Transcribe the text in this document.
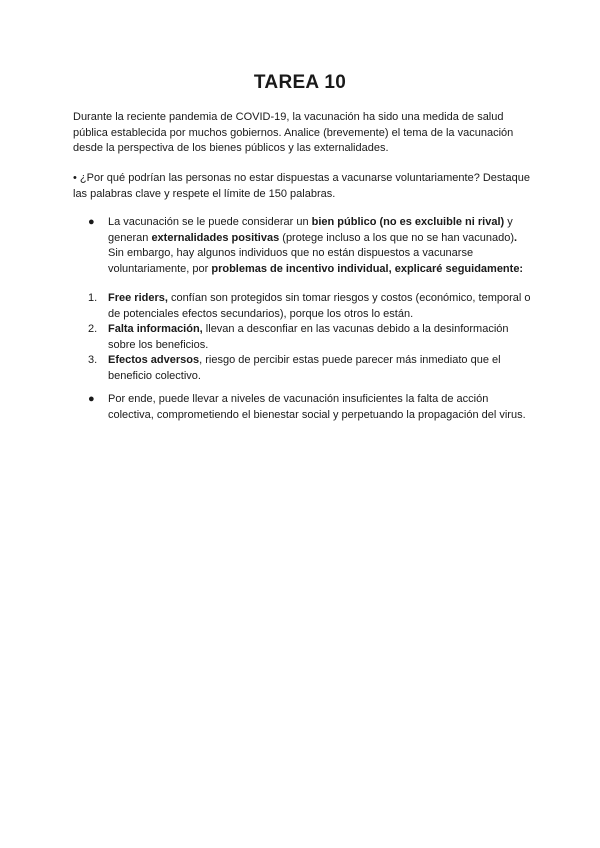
TAREA 10
Durante la reciente pandemia de COVID-19, la vacunación ha sido una medida de salud pública establecida por muchos gobiernos. Analice (brevemente) el tema de la vacunación desde la perspectiva de los bienes públicos y las externalidades.
• ¿Por qué podrían las personas no estar dispuestas a vacunarse voluntariamente? Destaque las palabras clave y respete el límite de 150 palabras.
●	La vacunación se le puede considerar un bien público (no es excluible ni rival) y generan externalidades positivas (protege incluso a los que no se han vacunado). Sin embargo, hay algunos individuos que no están dispuestos a vacunarse voluntariamente, por problemas de incentivo individual, explicaré seguidamente:
1. Free riders, confían son protegidos sin tomar riesgos y costos (económico, temporal o de potenciales efectos secundarios), porque los otros lo están.
2. Falta información, llevan a desconfiar en las vacunas debido a la desinformación sobre los beneficios.
3. Efectos adversos, riesgo de percibir estas puede parecer más inmediato que el beneficio colectivo.
●	Por ende, puede llevar a niveles de vacunación insuficientes la falta de acción colectiva, comprometiendo el bienestar social y perpetuando la propagación del virus.
